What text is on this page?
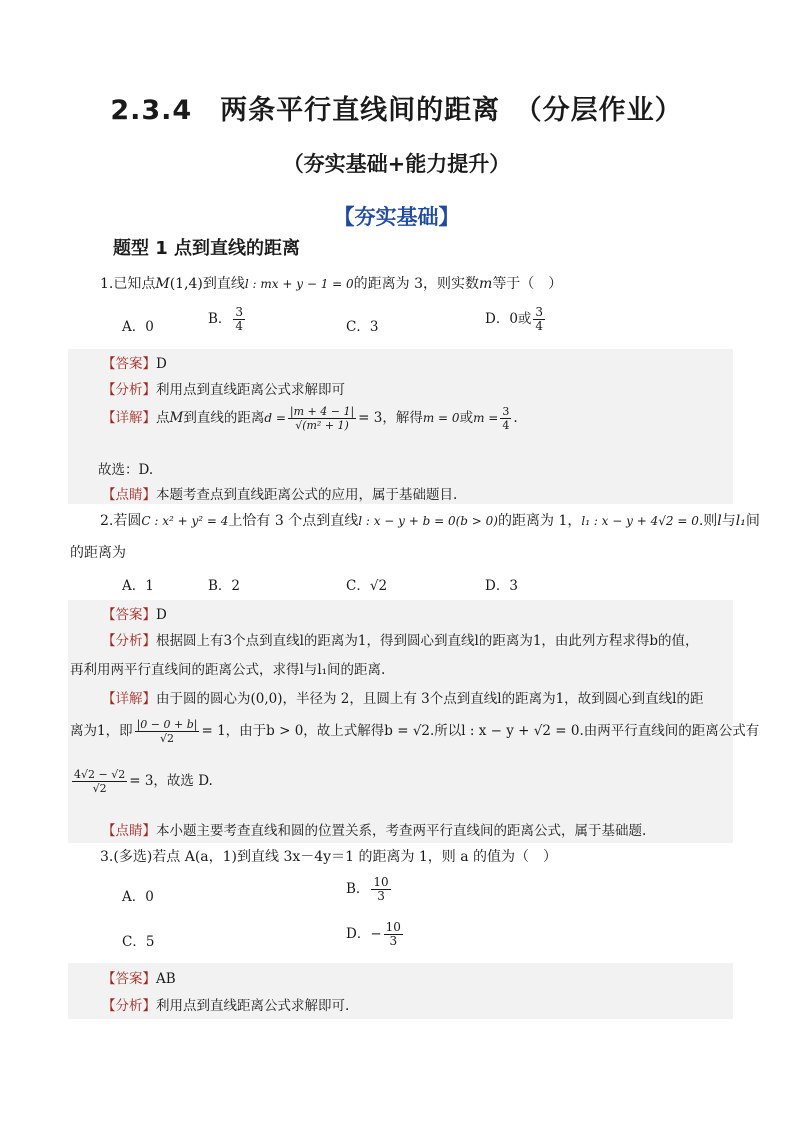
2.3.4　两条平行直线间的距离　（分层作业）
（夯实基础+能力提升）
【夯实基础】
题型 1 点到直线的距离
1.已知点M(1,4)到直线l : mx + y − 1 = 0的距离为 3，则实数m等于（　）
A．0	B． $\frac{3}{4}$	C．3	D．0或 $\frac{3}{4}$
【答案】D
【分析】利用点到直线距离公式求解即可
【详解】点M到直线的距离$d = \frac{|m + 4 - 1|}{\text{√(m² + 1)}} = 3$，解得m = 0或$m = \frac{3}{4}$ .
故选：D.
【点睛】本题考查点到直线距离公式的应用，属于基础题目.
2.若圆C : x² + y² = 4上恰有 3 个点到直线l : x − y + b = 0(b > 0)的距离为 1，l₁ : x − y + 4√2 = 0.则l与l₁间
的距离为
A．1	B．2	C．√2	D．3
【答案】D
【分析】根据圆上有3个点到直线l的距离为1，得到圆心到直线l的距离为1，由此列方程求得b的值，
再利用两平行直线间的距离公式，求得l与l₁间的距离.
【详解】由于圆的圆心为(0,0)，半径为 2，且圆上有 3个点到直线l的距离为1，故到圆心到直线l的距
离为1，即 $\frac{|0 - 0 + b|}{√2} = 1$，由于b > 0，故上式解得b = √2.所以l : x − y + √2 = 0.由两平行直线间的距离公式有
$\frac{4√2 - √2}{√2} = 3$，故选 D.
【点睛】本小题主要考查直线和圆的位置关系，考查两平行直线间的距离公式，属于基础题.
3.(多选)若点 A(a，1)到直线 3x－4y＝1 的距离为 1，则 a 的值为（　）
A．0	B． $\frac{10}{3}$
C．5	D．− $\frac{10}{3}$
【答案】AB
【分析】利用点到直线距离公式求解即可.
